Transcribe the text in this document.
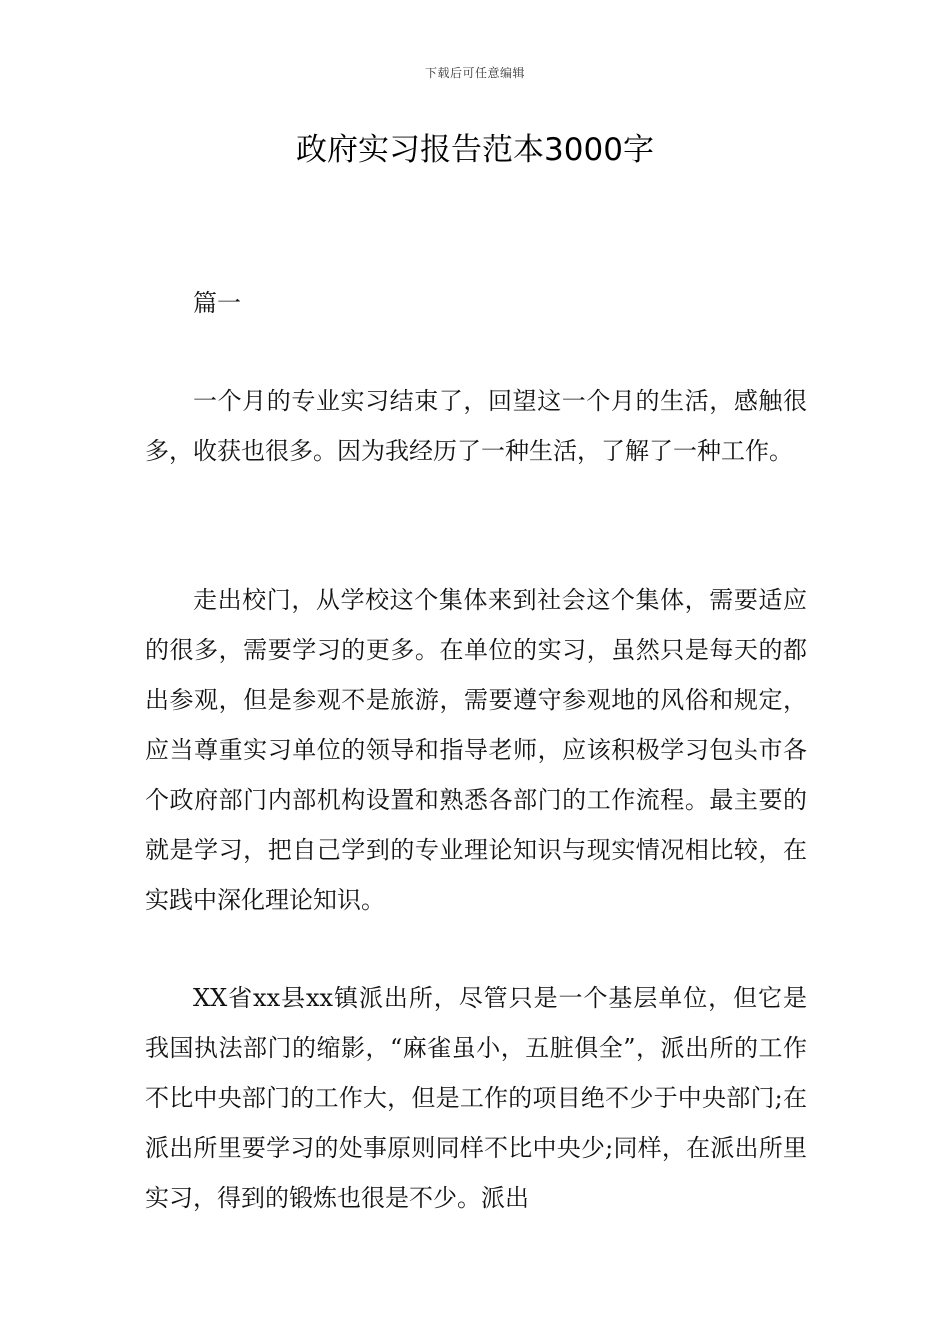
下载后可任意编辑
政府实习报告范本3000字

篇一

一个月的专业实习结束了，回望这一个月的生活，感触很多，收获也很多。因为我经历了一种生活，了解了一种工作。

走出校门，从学校这个集体来到社会这个集体，需要适应的很多，需要学习的更多。在单位的实习，虽然只是每天的都出参观，但是参观不是旅游，需要遵守参观地的风俗和规定，应当尊重实习单位的领导和指导老师，应该积极学习包头市各个政府部门内部机构设置和熟悉各部门的工作流程。最主要的就是学习，把自己学到的专业理论知识与现实情况相比较，在实践中深化理论知识。

XX省xx县xx镇派出所，尽管只是一个基层单位，但它是我国执法部门的缩影，“麻雀虽小，五脏俱全”，派出所的工作不比中央部门的工作大，但是工作的项目绝不少于中央部门;在派出所里要学习的处事原则同样不比中央少;同样，在派出所里实习，得到的锻炼也很是不少。派出
